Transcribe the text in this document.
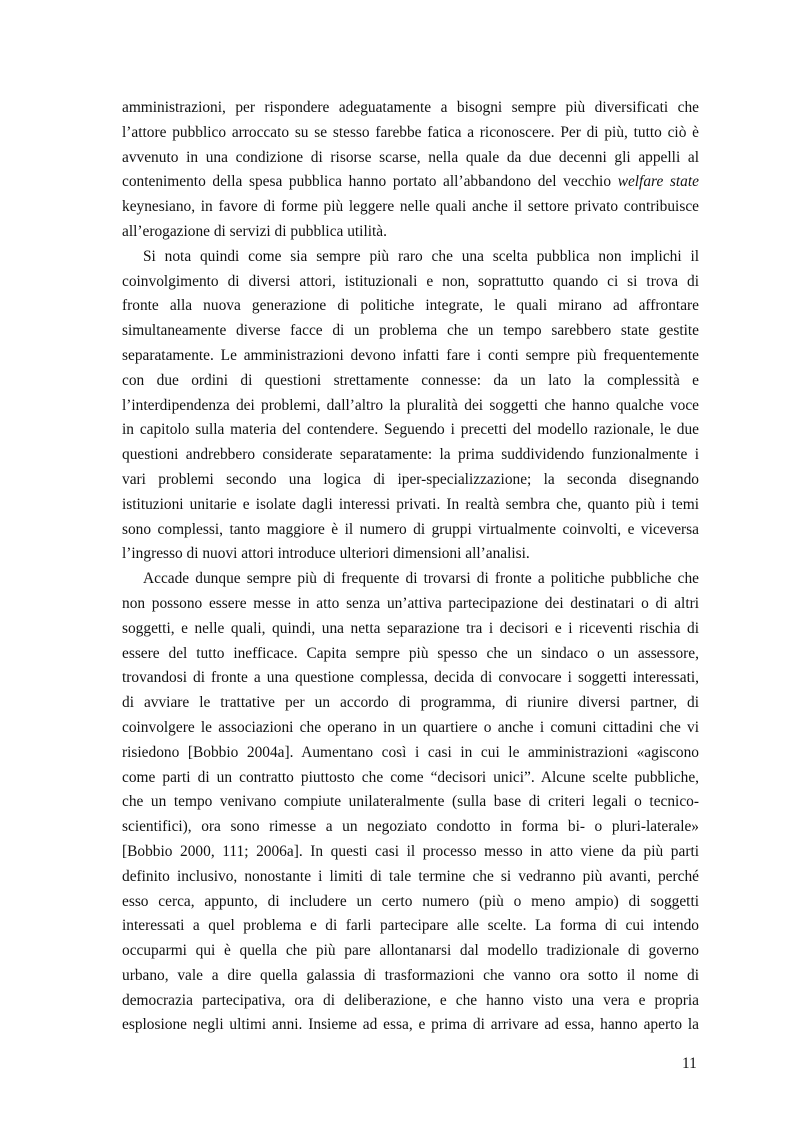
amministrazioni, per rispondere adeguatamente a bisogni sempre più diversificati che
l’attore pubblico arroccato su se stesso farebbe fatica a riconoscere. Per di più, tutto ciò è
avvenuto in una condizione di risorse scarse, nella quale da due decenni gli appelli al
contenimento della spesa pubblica hanno portato all’abbandono del vecchio welfare state
keynesiano, in favore di forme più leggere nelle quali anche il settore privato contribuisce
all’erogazione di servizi di pubblica utilità.
Si nota quindi come sia sempre più raro che una scelta pubblica non implichi il
coinvolgimento di diversi attori, istituzionali e non, soprattutto quando ci si trova di
fronte alla nuova generazione di politiche integrate, le quali mirano ad affrontare
simultaneamente diverse facce di un problema che un tempo sarebbero state gestite
separatamente. Le amministrazioni devono infatti fare i conti sempre più frequentemente
con due ordini di questioni strettamente connesse: da un lato la complessità e
l’interdipendenza dei problemi, dall’altro la pluralità dei soggetti che hanno qualche voce
in capitolo sulla materia del contendere. Seguendo i precetti del modello razionale, le due
questioni andrebbero considerate separatamente: la prima suddividendo funzionalmente i
vari problemi secondo una logica di iper-specializzazione; la seconda disegnando
istituzioni unitarie e isolate dagli interessi privati. In realtà sembra che, quanto più i temi
sono complessi, tanto maggiore è il numero di gruppi virtualmente coinvolti, e viceversa
l’ingresso di nuovi attori introduce ulteriori dimensioni all’analisi.
Accade dunque sempre più di frequente di trovarsi di fronte a politiche pubbliche che
non possono essere messe in atto senza un’attiva partecipazione dei destinatari o di altri
soggetti, e nelle quali, quindi, una netta separazione tra i decisori e i riceventi rischia di
essere del tutto inefficace. Capita sempre più spesso che un sindaco o un assessore,
trovandosi di fronte a una questione complessa, decida di convocare i soggetti interessati,
di avviare le trattative per un accordo di programma, di riunire diversi partner, di
coinvolgere le associazioni che operano in un quartiere o anche i comuni cittadini che vi
risiedono [Bobbio 2004a]. Aumentano così i casi in cui le amministrazioni «agiscono
come parti di un contratto piuttosto che come “decisori unici”. Alcune scelte pubbliche,
che un tempo venivano compiute unilateralmente (sulla base di criteri legali o tecnico-
scientifici), ora sono rimesse a un negoziato condotto in forma bi- o pluri-laterale»
[Bobbio 2000, 111; 2006a]. In questi casi il processo messo in atto viene da più parti
definito inclusivo, nonostante i limiti di tale termine che si vedranno più avanti, perché
esso cerca, appunto, di includere un certo numero (più o meno ampio) di soggetti
interessati a quel problema e di farli partecipare alle scelte. La forma di cui intendo
occuparmi qui è quella che più pare allontanarsi dal modello tradizionale di governo
urbano, vale a dire quella galassia di trasformazioni che vanno ora sotto il nome di
democrazia partecipativa, ora di deliberazione, e che hanno visto una vera e propria
esplosione negli ultimi anni. Insieme ad essa, e prima di arrivare ad essa, hanno aperto la
11
